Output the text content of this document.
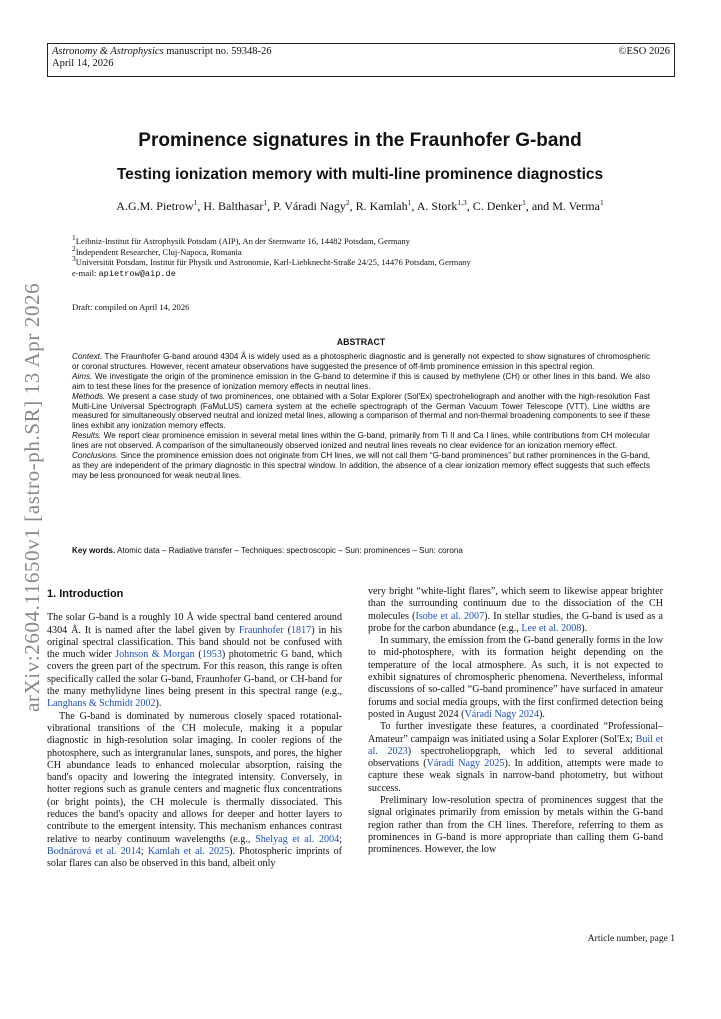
Astronomy & Astrophysics manuscript no. 59348-26
April 14, 2026
©ESO 2026
arXiv:2604.11650v1 [astro-ph.SR] 13 Apr 2026
Prominence signatures in the Fraunhofer G-band
Testing ionization memory with multi-line prominence diagnostics
A.G.M. Pietrow$^1$, H. Balthasar$^1$, P. Váradi Nagy$^2$, R. Kamlah$^1$, A. Stork$^{1,3}$, C. Denker$^1$, and M. Verma$^1$
$^1$Leibniz-Institut für Astrophysik Potsdam (AIP), An der Sternwarte 16, 14482 Potsdam, Germany
$^2$Independent Researcher, Cluj-Napoca, Romania
$^3$Universität Potsdam, Institut für Physik und Astronomie, Karl-Liebknecht-Straße 24/25, 14476 Potsdam, Germany
e-mail: apietrow@aip.de
Draft: compiled on April 14, 2026
ABSTRACT

Context. The Fraunhofer G-band around 4304 Å is widely used as a photospheric diagnostic and is generally not expected to show signatures of chromospheric or coronal structures. However, recent amateur observations have suggested the presence of off-limb prominence emission in this spectral region.

Aims. We investigate the origin of the prominence emission in the G-band to determine if this is caused by methylene (CH) or other lines in this band. We also aim to test these lines for the presence of ionization memory effects in neutral lines.

Methods. We present a case study of two prominences, one obtained with a Solar Explorer (Sol'Ex) spectroheliograph and another with the high-resolution Fast Multi-Line Universal Spectrograph (FaMuLUS) camera system at the echelle spectrograph of the German Vacuum Tower Telescope (VTT). Line widths are measured for simultaneously observed neutral and ionized metal lines, allowing a comparison of thermal and non-thermal broadening components to see if these lines exhibit any ionization memory effects.

Results. We report clear prominence emission in several metal lines within the G-band, primarily from Ti II and Ca I lines, while contributions from CH molecular lines are not observed. A comparison of the simultaneously observed ionized and neutral lines reveals no clear evidence for an ionization memory effect.

Conclusions. Since the prominence emission does not originate from CH lines, we will not call them “G-band prominences” but rather prominences in the G-band, as they are independent of the primary diagnostic in this spectral window. In addition, the absence of a clear ionization memory effect suggests that such effects may be less pronounced for weak neutral lines.

Key words. Atomic data – Radiative transfer – Techniques: spectroscopic – Sun: prominences – Sun: corona
1. Introduction

The solar G-band is a roughly 10 Å wide spectral band centered around 4304 Å. It is named after the label given by Fraunhofer (1817) in his original spectral classification. This band should not be confused with the much wider Johnson & Morgan (1953) photometric G band, which covers the green part of the spectrum. For this reason, this range is often specifically called the solar G-band, Fraunhofer G-band, or CH-band for the many methylidyne lines being present in this spectral range (e.g., Langhans & Schmidt 2002).

The G-band is dominated by numerous closely spaced rotational-vibrational transitions of the CH molecule, making it a popular diagnostic in high-resolution solar imaging. In cooler regions of the photosphere, such as intergranular lanes, sunspots, and pores, the higher CH abundance leads to enhanced molecular absorption, raising the band's opacity and lowering the integrated intensity. Conversely, in hotter regions such as granule centers and magnetic flux concentrations (or bright points), the CH molecule is thermally dissociated. This reduces the band's opacity and allows for deeper and hotter layers to contribute to the emergent intensity. This mechanism enhances contrast relative to nearby continuum wavelengths (e.g., Shelyag et al. 2004; Bodnárová et al. 2014; Kamlah et al. 2025). Photospheric imprints of solar flares can also be observed in this band, albeit only

very bright “white-light flares”, which seem to likewise appear brighter than the surrounding continuum due to the dissociation of the CH molecules (Isobe et al. 2007). In stellar studies, the G-band is used as a probe for the carbon abundance (e.g., Lee et al. 2008).

In summary, the emission from the G-band generally forms in the low to mid-photosphere, with its formation height depending on the temperature of the local atmosphere. As such, it is not expected to exhibit signatures of chromospheric phenomena. Nevertheless, informal discussions of so-called “G-band prominence” have surfaced in amateur forums and social media groups, with the first confirmed detection being posted in August 2024 (Váradi Nagy 2024).

To further investigate these features, a coordinated “Professional–Amateur” campaign was initiated using a Solar Explorer (Sol'Ex; Buil et al. 2023) spectroheliopgraph, which led to several additional observations (Váradi Nagy 2025). In addition, attempts were made to capture these weak signals in narrow-band photometry, but without success.

Preliminary low-resolution spectra of prominences suggest that the signal originates primarily from emission by metals within the G-band region rather than from the CH lines. Therefore, referring to them as prominences in G-band is more appropriate than calling them G-band prominences. However, the low

Article number, page 1
